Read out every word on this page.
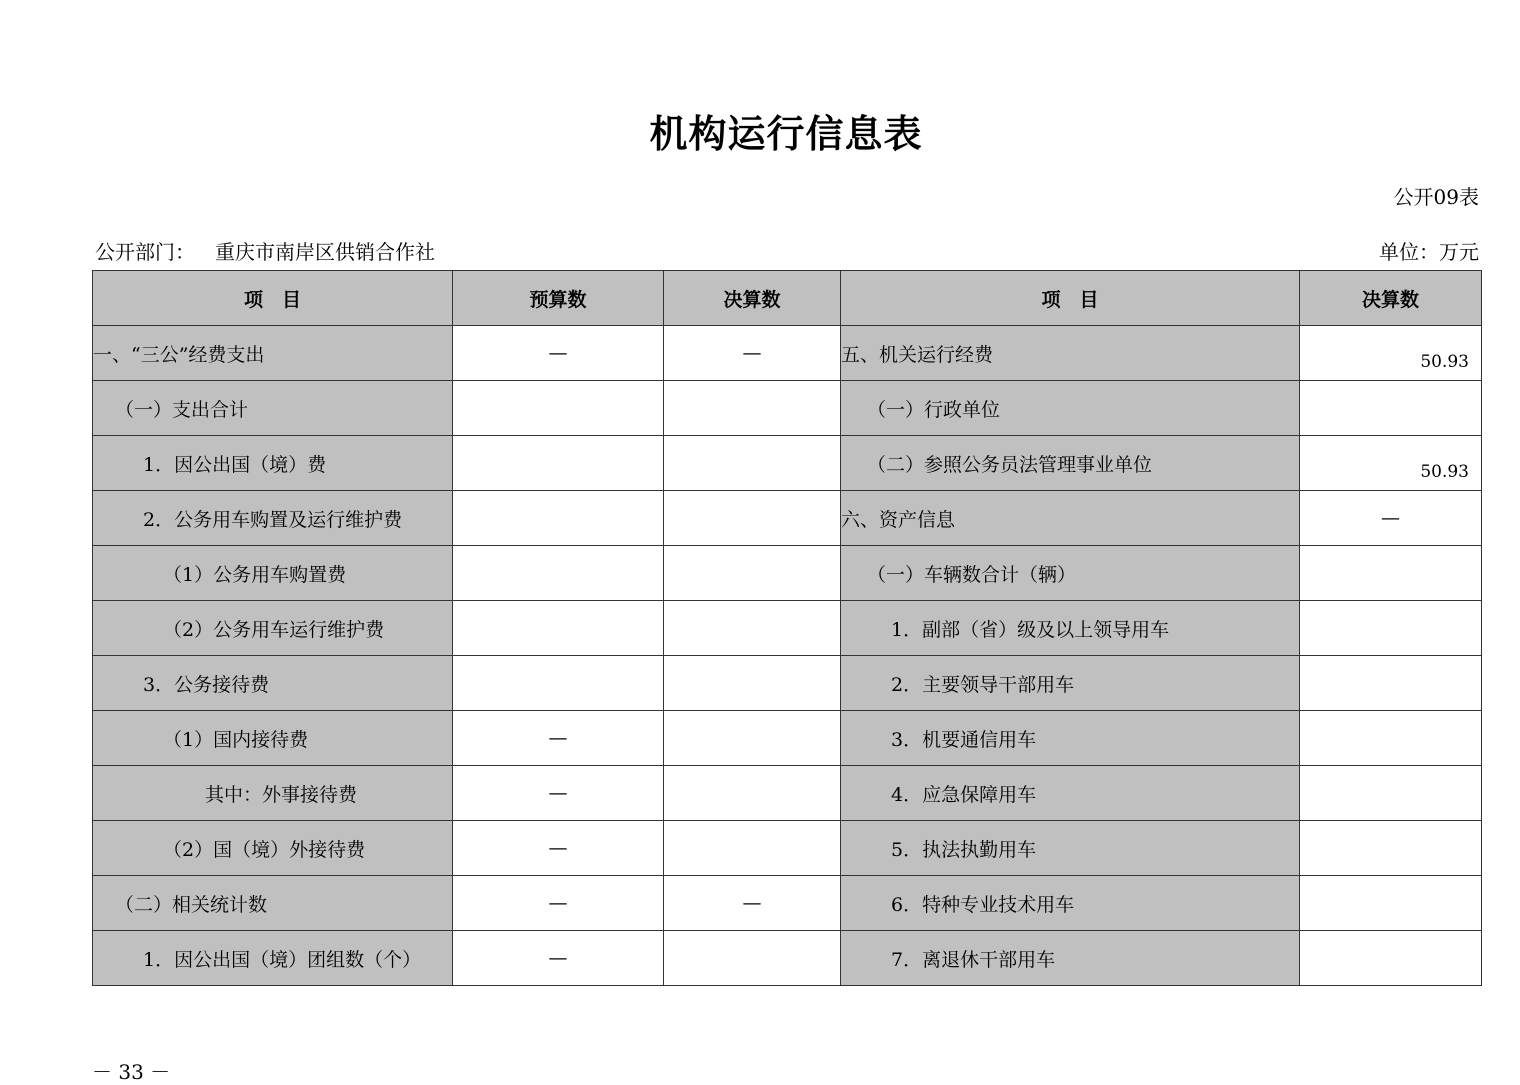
机构运行信息表
公开09表
公开部门： 重庆市南岸区供销合作社	单位：万元
项　目	预算数	决算数	项　目	决算数
一、“三公”经费支出	—	—	五、机关运行经费	50.93
（一）支出合计			（一）行政单位	
1．因公出国（境）费			（二）参照公务员法管理事业单位	50.93
2．公务用车购置及运行维护费			六、资产信息	—
（1）公务用车购置费			（一）车辆数合计（辆）	
（2）公务用车运行维护费			1．副部（省）级及以上领导用车	
3．公务接待费			2．主要领导干部用车	
（1）国内接待费	—		3．机要通信用车	
其中：外事接待费	—		4．应急保障用车	
（2）国（境）外接待费	—		5．执法执勤用车	
（二）相关统计数	—	—	6．特种专业技术用车	
1．因公出国（境）团组数（个）	—		7．离退休干部用车	
－ 33 －
